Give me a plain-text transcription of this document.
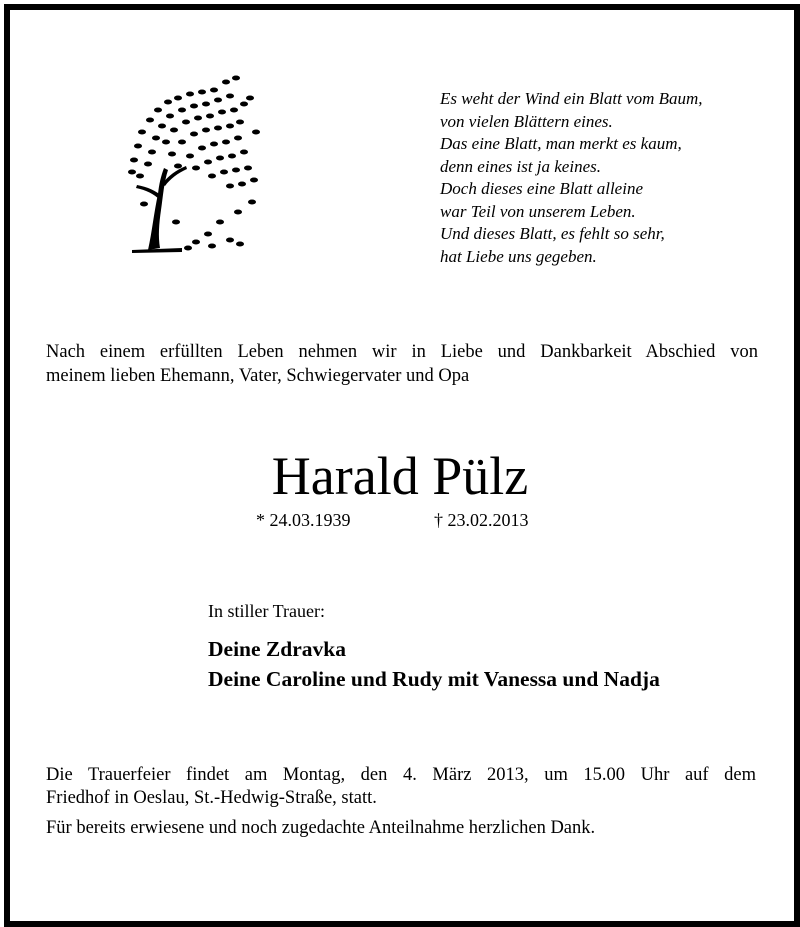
Es weht der Wind ein Blatt vom Baum,
von vielen Blättern eines.
Das eine Blatt, man merkt es kaum,
denn eines ist ja keines.
Doch dieses eine Blatt alleine
war Teil von unserem Leben.
Und dieses Blatt, es fehlt so sehr,
hat Liebe uns gegeben.
Nach einem erfüllten Leben nehmen wir in Liebe und Dankbarkeit Abschied von
meinem lieben Ehemann, Vater, Schwiegervater und Opa
Harald Pülz
* 24.03.1939	† 23.02.2013
In stiller Trauer:
Deine Zdravka
Deine Caroline und Rudy mit Vanessa und Nadja
Die Trauerfeier findet am Montag, den 4. März 2013, um 15.00 Uhr auf dem
Friedhof in Oeslau, St.-Hedwig-Straße, statt.
Für bereits erwiesene und noch zugedachte Anteilnahme herzlichen Dank.
